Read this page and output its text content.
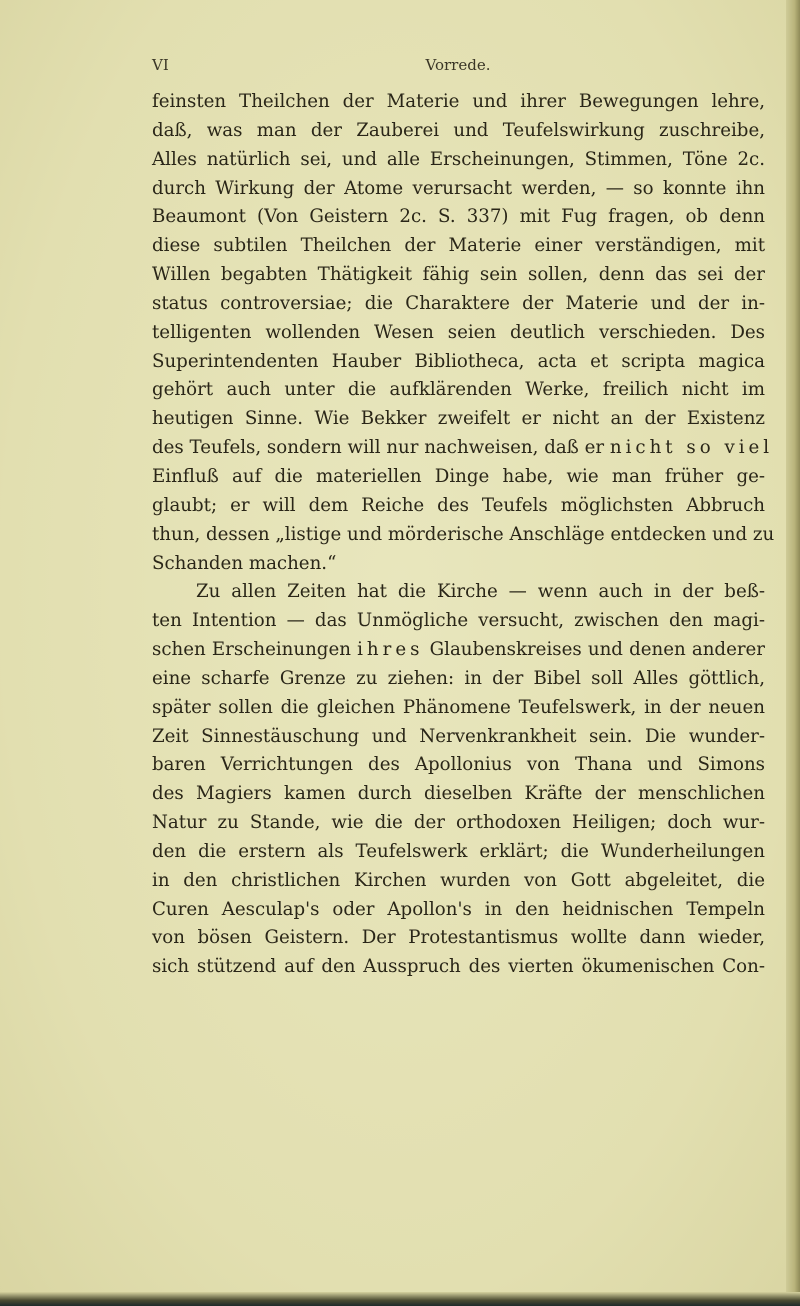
VI	Vorrede.
feinsten Theilchen der Materie und ihrer Bewegungen lehre,
daß, was man der Zauberei und Teufelswirkung zuschreibe,
Alles natürlich sei, und alle Erscheinungen, Stimmen, Töne 2c.
durch Wirkung der Atome verursacht werden, — so konnte ihn
Beaumont (Von Geistern 2c. S. 337) mit Fug fragen, ob denn
diese subtilen Theilchen der Materie einer verständigen, mit
Willen begabten Thätigkeit fähig sein sollen, denn das sei der
status controversiae; die Charaktere der Materie und der in-
telligenten wollenden Wesen seien deutlich verschieden. Des
Superintendenten Hauber Bibliotheca, acta et scripta magica
gehört auch unter die aufklärenden Werke, freilich nicht im
heutigen Sinne. Wie Bekker zweifelt er nicht an der Existenz
des Teufels, sondern will nur nachweisen, daß er nicht so viel
Einfluß auf die materiellen Dinge habe, wie man früher ge-
glaubt; er will dem Reiche des Teufels möglichsten Abbruch
thun, dessen „listige und mörderische Anschläge entdecken und zu
Schanden machen.“
Zu allen Zeiten hat die Kirche — wenn auch in der beß-
ten Intention — das Unmögliche versucht, zwischen den magi-
schen Erscheinungen ihres Glaubenskreises und denen anderer
eine scharfe Grenze zu ziehen: in der Bibel soll Alles göttlich,
später sollen die gleichen Phänomene Teufelswerk, in der neuen
Zeit Sinnestäuschung und Nervenkrankheit sein. Die wunder-
baren Verrichtungen des Apollonius von Thana und Simons
des Magiers kamen durch dieselben Kräfte der menschlichen
Natur zu Stande, wie die der orthodoxen Heiligen; doch wur-
den die erstern als Teufelswerk erklärt; die Wunderheilungen
in den christlichen Kirchen wurden von Gott abgeleitet, die
Curen Aesculap's oder Apollon's in den heidnischen Tempeln
von bösen Geistern. Der Protestantismus wollte dann wieder,
sich stützend auf den Ausspruch des vierten ökumenischen Con-
